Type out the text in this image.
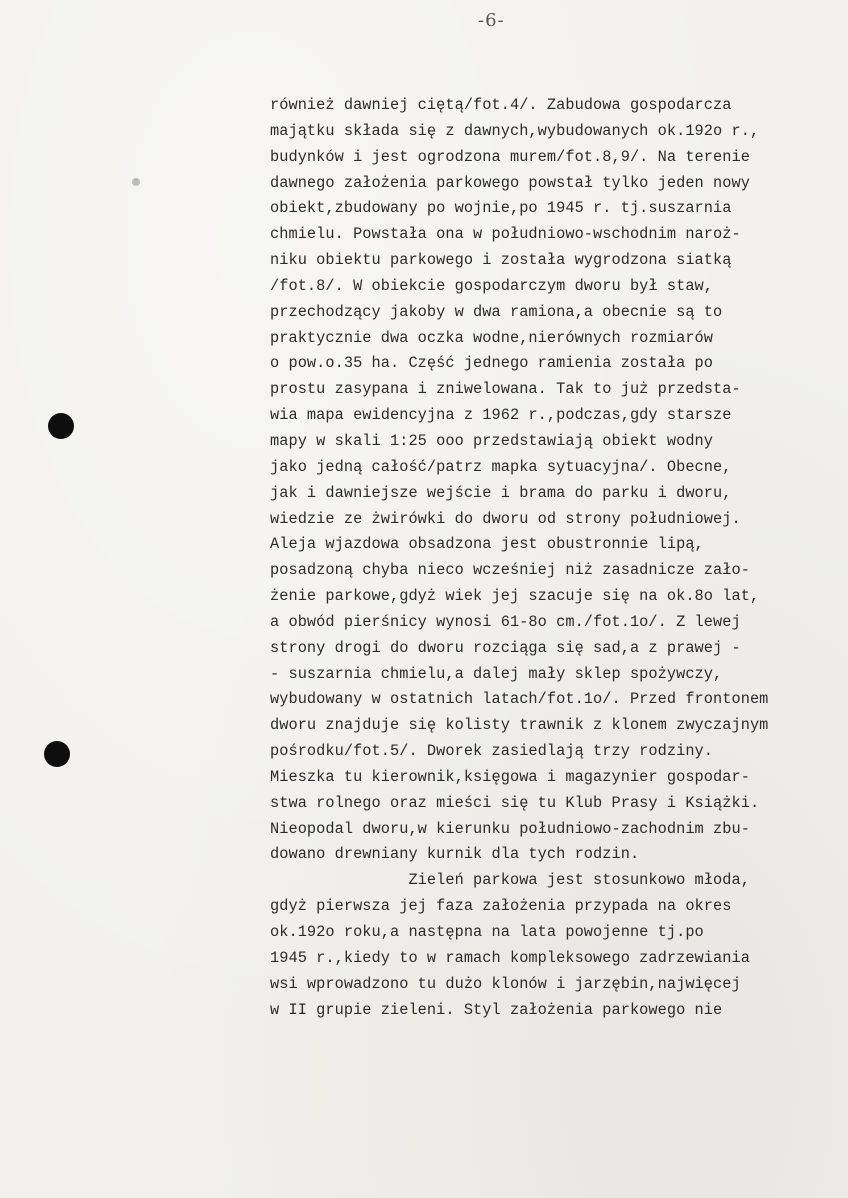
-6-
również dawniej ciętą/fot.4/. Zabudowa gospodarcza
majątku składa się z dawnych,wybudowanych ok.192o r.,
budynków i jest ogrodzona murem/fot.8,9/. Na terenie
dawnego założenia parkowego powstał tylko jeden nowy
obiekt,zbudowany po wojnie,po 1945 r. tj.suszarnia
chmielu. Powstała ona w południowo-wschodnim naroż-
niku obiektu parkowego i została wygrodzona siatką
/fot.8/. W obiekcie gospodarczym dworu był staw,
przechodzący jakoby w dwa ramiona,a obecnie są to
praktycznie dwa oczka wodne,nierównych rozmiarów
o pow.o.35 ha. Część jednego ramienia została po
prostu zasypana i zniwelowana. Tak to już przedsta-
wia mapa ewidencyjna z 1962 r.,podczas,gdy starsze
mapy w skali 1:25 ooo przedstawiają obiekt wodny
jako jedną całość/patrz mapka sytuacyjna/. Obecne,
jak i dawniejsze wejście i brama do parku i dworu,
wiedzie ze żwirówki do dworu od strony południowej.
Aleja wjazdowa obsadzona jest obustronnie lipą,
posadzoną chyba nieco wcześniej niż zasadnicze zało-
żenie parkowe,gdyż wiek jej szacuje się na ok.8o lat,
a obwód pierśnicy wynosi 61-8o cm./fot.1o/. Z lewej
strony drogi do dworu rozciąga się sad,a z prawej -
- suszarnia chmielu,a dalej mały sklep spożywczy,
wybudowany w ostatnich latach/fot.1o/. Przed frontonem
dworu znajduje się kolisty trawnik z klonem zwyczajnym
pośrodku/fot.5/. Dworek zasiedlają trzy rodziny.
Mieszka tu kierownik,księgowa i magazynier gospodar-
stwa rolnego oraz mieści się tu Klub Prasy i Książki.
Nieopodal dworu,w kierunku południowo-zachodnim zbu-
dowano drewniany kurnik dla tych rodzin.
Zieleń parkowa jest stosunkowo młoda,
gdyż pierwsza jej faza założenia przypada na okres
ok.192o roku,a następna na lata powojenne tj.po
1945 r.,kiedy to w ramach kompleksowego zadrzewiania
wsi wprowadzono tu dużo klonów i jarzębin,najwięcej
w II grupie zieleni. Styl założenia parkowego nie
